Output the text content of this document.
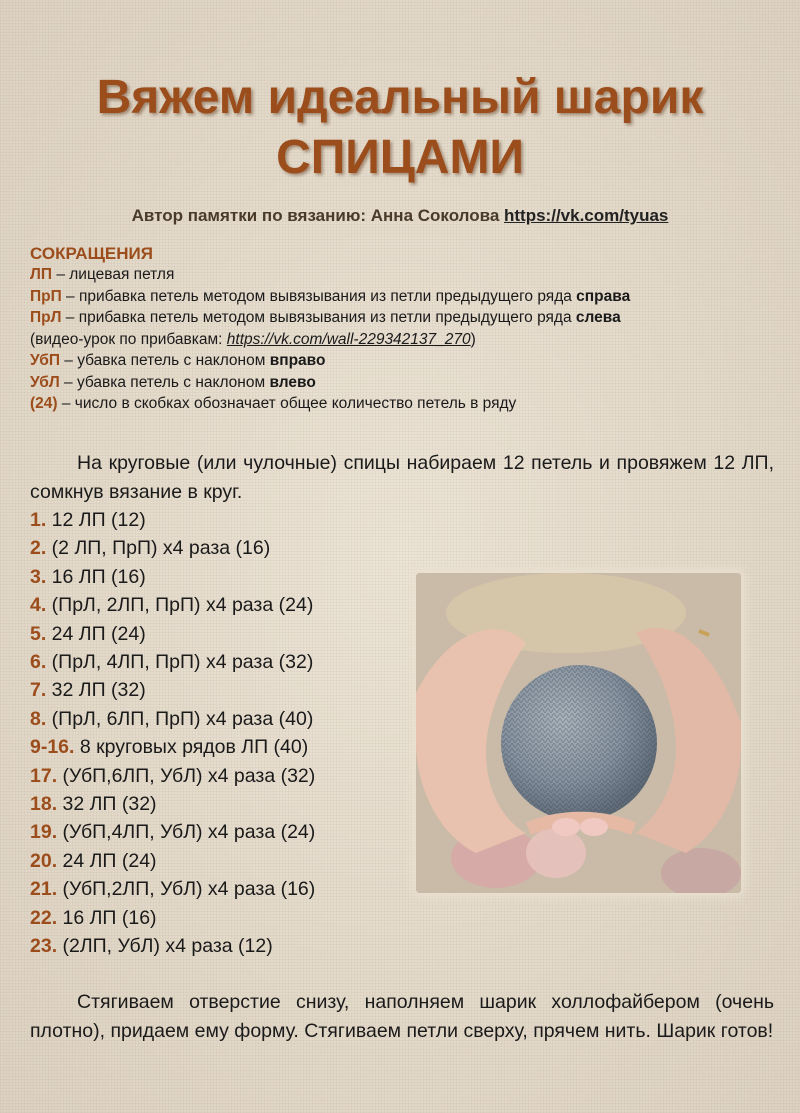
Вяжем идеальный шарик
СПИЦАМИ
Автор памятки по вязанию: Анна Соколова https://vk.com/tyuas
СОКРАЩЕНИЯ
ЛП – лицевая петля
ПрП – прибавка петель методом вывязывания из петли предыдущего ряда справа
ПрЛ – прибавка петель методом вывязывания из петли предыдущего ряда слева
(видео-урок по прибавкам: https://vk.com/wall-229342137_270)
УбП – убавка петель с наклоном вправо
УбЛ – убавка петель с наклоном влево
(24) – число в скобках обозначает общее количество петель в ряду

На круговые (или чулочные) спицы набираем 12 петель и провяжем 12 ЛП, сомкнув вязание в круг.

1. 12 ЛП (12)
2. (2 ЛП, ПрП) х4 раза (16)
3. 16 ЛП (16)
4. (ПрЛ, 2ЛП, ПрП) х4 раза (24)
5. 24 ЛП (24)
6. (ПрЛ, 4ЛП, ПрП) х4 раза (32)
7. 32 ЛП (32)
8. (ПрЛ, 6ЛП, ПрП) х4 раза (40)
9-16. 8 круговых рядов ЛП (40)
17. (УбП,6ЛП, УбЛ) х4 раза (32)
18. 32 ЛП (32)
19. (УбП,4ЛП, УбЛ) х4 раза (24)
20. 24 ЛП (24)
21. (УбП,2ЛП, УбЛ) х4 раза (16)
22. 16 ЛП (16)
23. (2ЛП, УбЛ) х4 раза (12)

Стягиваем отверстие снизу, наполняем шарик холлофайбером (очень плотно), придаем ему форму. Стягиваем петли сверху, прячем нить. Шарик готов!
